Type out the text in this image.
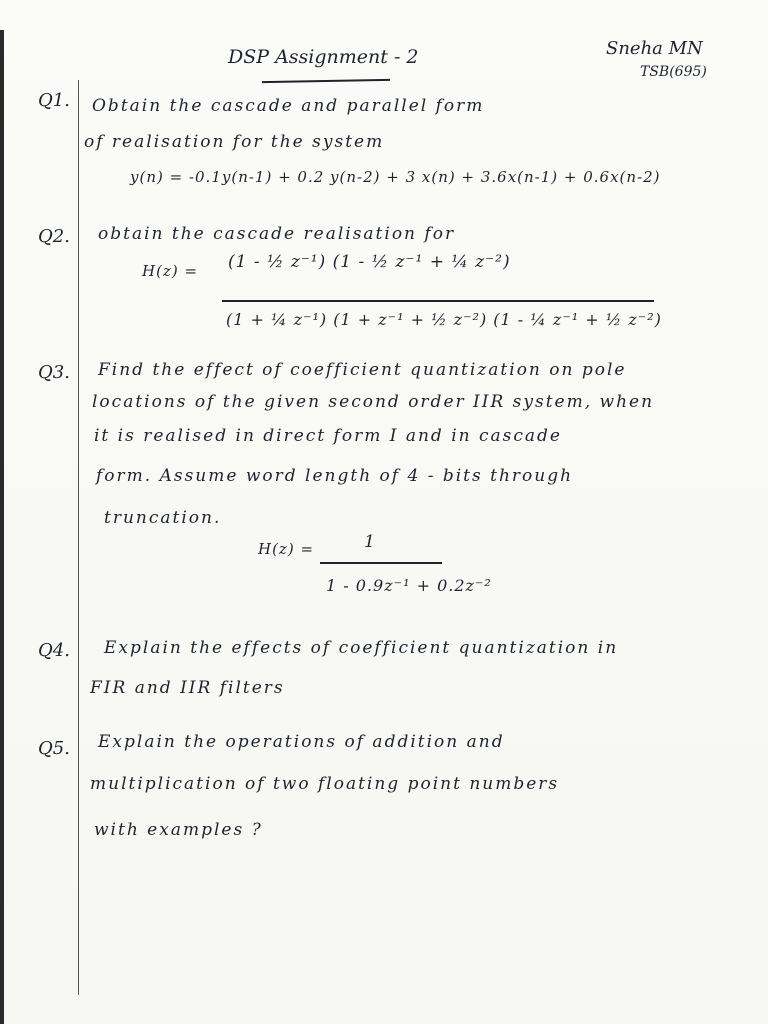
DSP Assignment - 2	Sneha MN
TSB(695)
Q1. Obtain the cascade and parallel form
of realisation for the system
y(n) = -0.1y(n-1) + 0.2 y(n-2) + 3 x(n) + 3.6x(n-1) + 0.6x(n-2)
Q2. obtain the cascade realisation for
H(z) = (1 - ½ z⁻¹) (1 - ½ z⁻¹ + ¼ z⁻²)
(1 + ¼ z⁻¹) (1 + z⁻¹ + ½ z⁻²) (1 - ¼ z⁻¹ + ½ z⁻²)
Q3. Find the effect of coefficient quantization on pole
locations of the given second order IIR system, when
it is realised in direct form I and in cascade
form. Assume word length of 4 - bits through
truncation.
H(z) =	1
1 - 0.9z⁻¹ + 0.2z⁻²
Q4. Explain the effects of coefficient quantization in
FIR and IIR filters
Q5. Explain the operations of addition and
multiplication of two floating point numbers
with examples ?
